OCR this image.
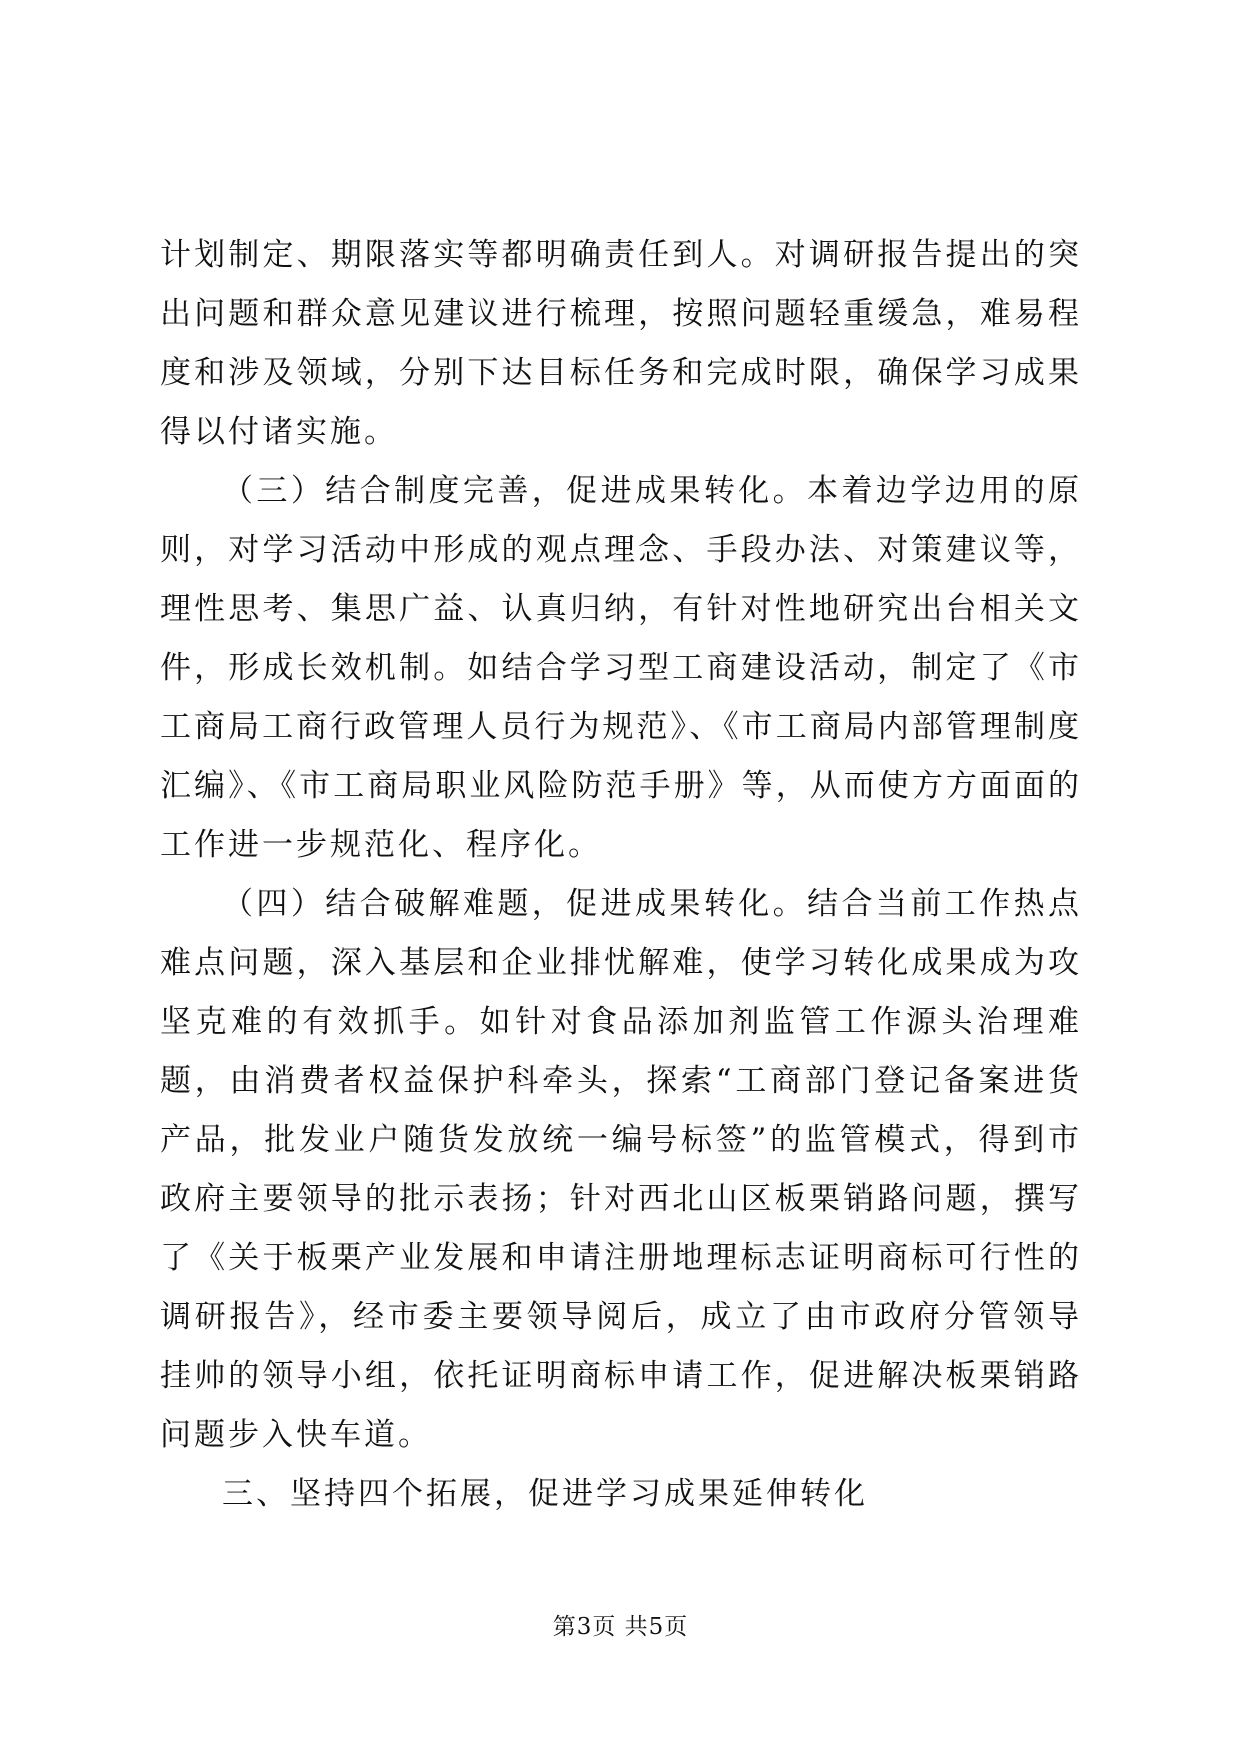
计划制定、期限落实等都明确责任到人。对调研报告提出的突出问题和群众意见建议进行梳理，按照问题轻重缓急，难易程度和涉及领域，分别下达目标任务和完成时限，确保学习成果得以付诸实施。

（三）结合制度完善，促进成果转化。本着边学边用的原则，对学习活动中形成的观点理念、手段办法、对策建议等，理性思考、集思广益、认真归纳，有针对性地研究出台相关文件，形成长效机制。如结合学习型工商建设活动，制定了《市工商局工商行政管理人员行为规范》、《市工商局内部管理制度汇编》、《市工商局职业风险防范手册》等，从而使方方面面的工作进一步规范化、程序化。

（四）结合破解难题，促进成果转化。结合当前工作热点难点问题，深入基层和企业排忧解难，使学习转化成果成为攻坚克难的有效抓手。如针对食品添加剂监管工作源头治理难题，由消费者权益保护科牵头，探索“工商部门登记备案进货产品，批发业户随货发放统一编号标签”的监管模式，得到市政府主要领导的批示表扬；针对西北山区板栗销路问题，撰写了《关于板栗产业发展和申请注册地理标志证明商标可行性的调研报告》，经市委主要领导阅后，成立了由市政府分管领导挂帅的领导小组，依托证明商标申请工作，促进解决板栗销路问题步入快车道。

三、坚持四个拓展，促进学习成果延伸转化

第3页 共5页
